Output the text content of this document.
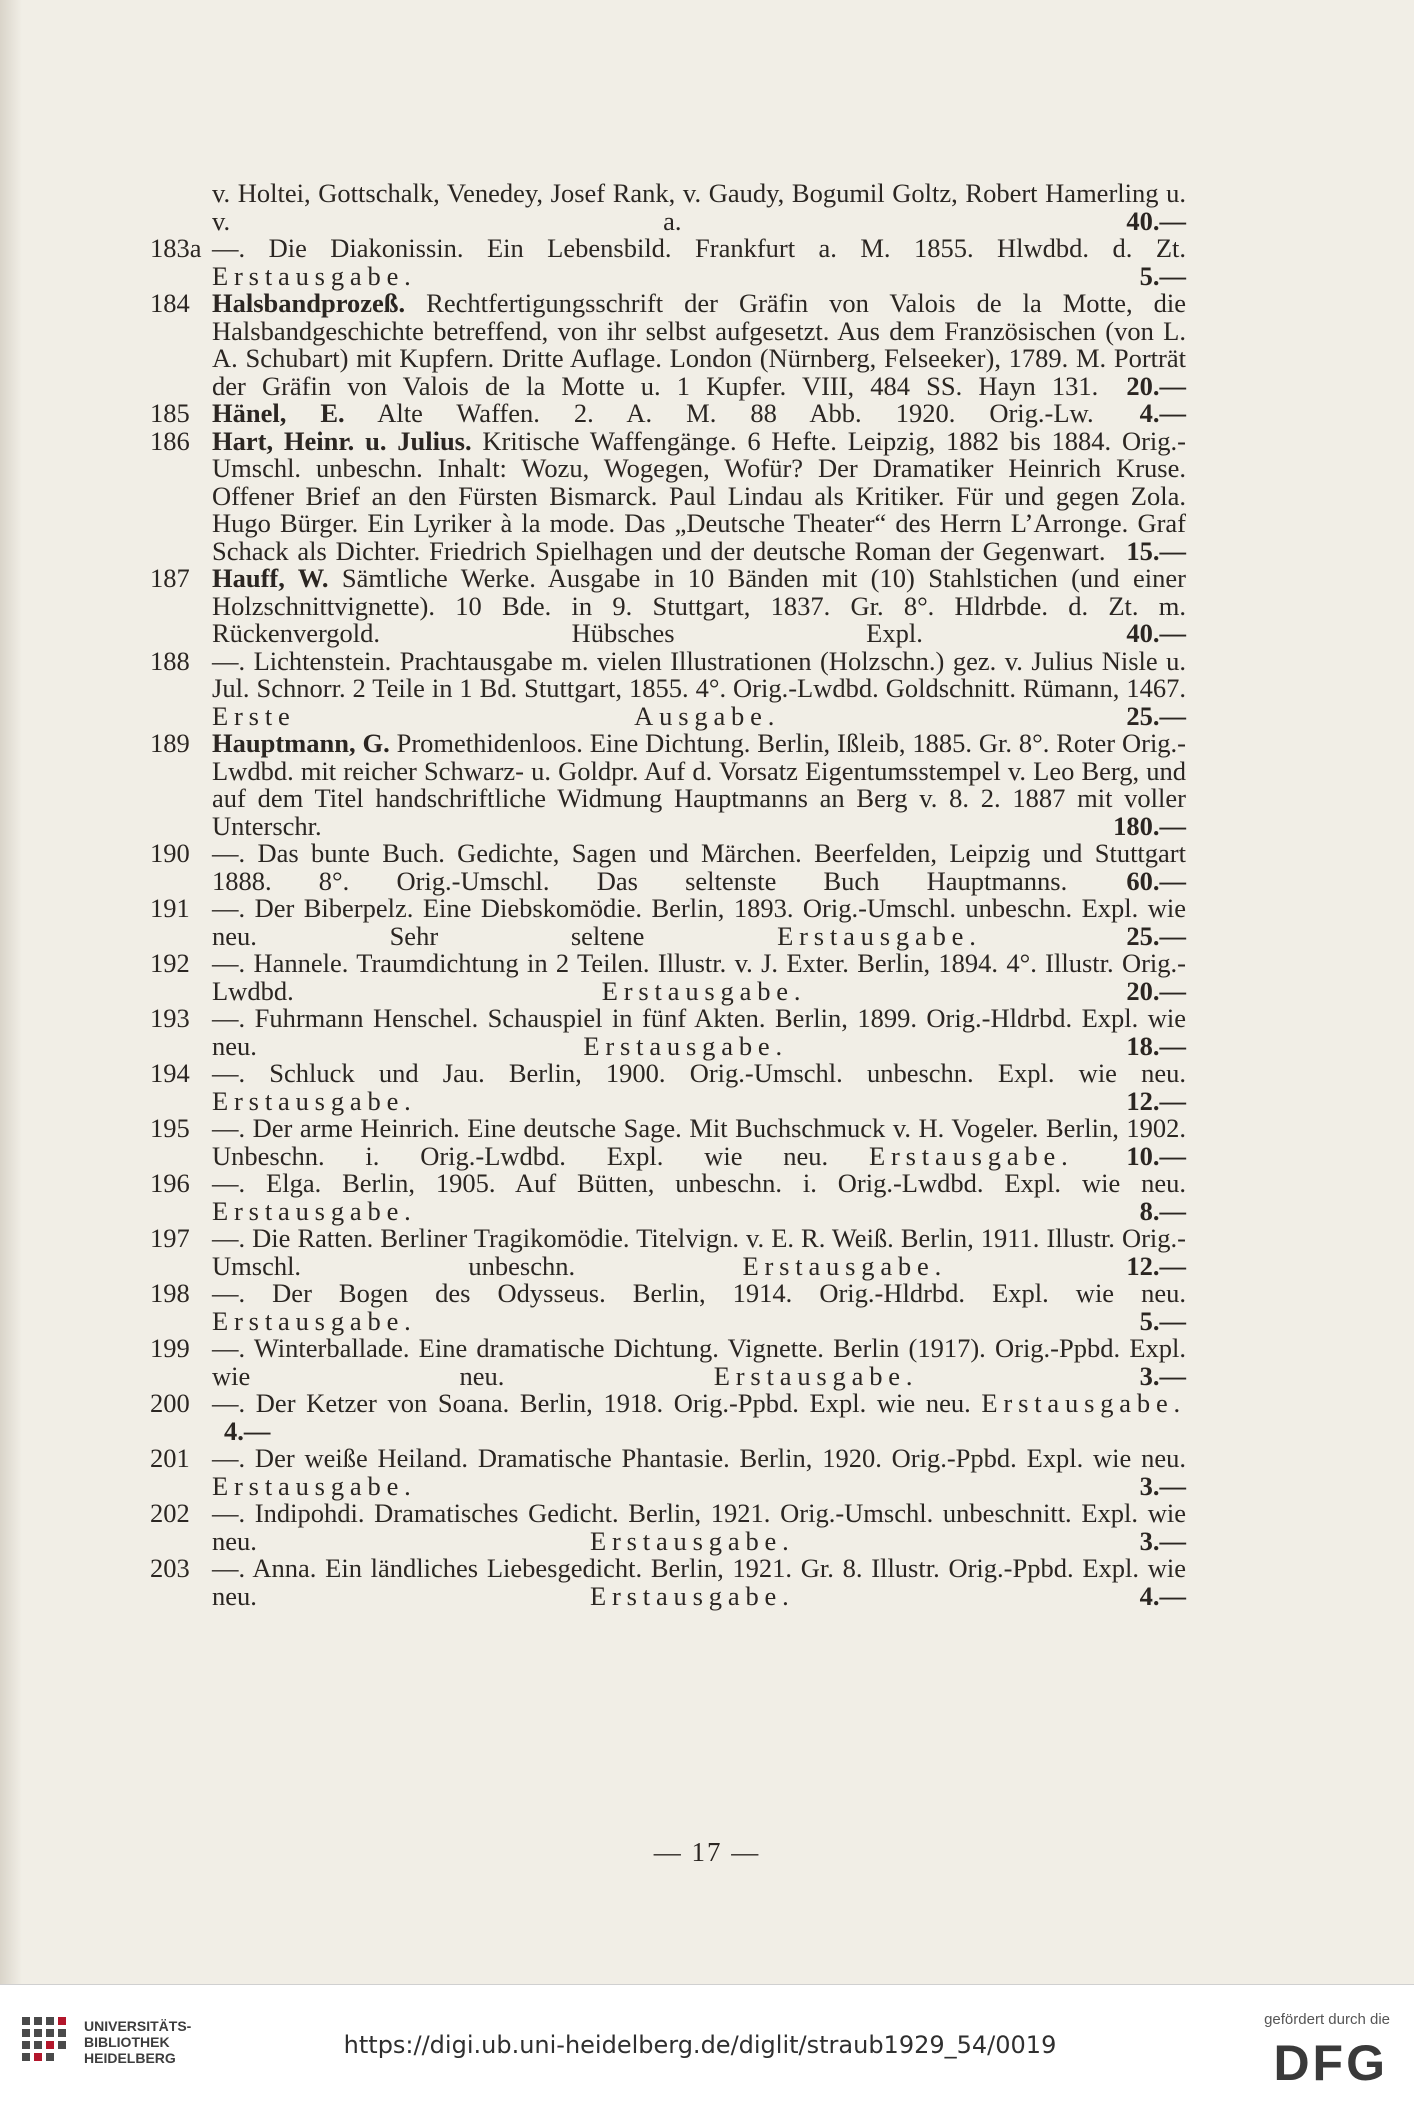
v. Holtei, Gottschalk, Venedey, Josef Rank, v. Gaudy, Bogumil Goltz, Robert Hamerling u. v. a.	40.—
183a —. Die Diakonissin. Ein Lebensbild. Frankfurt a. M. 1855. Hlwdbd. d. Zt. Erstausgabe.	5.—
184 Halsbandprozeß. Rechtfertigungsschrift der Gräfin von Valois de la Motte, die Halsbandgeschichte betreffend, von ihr selbst aufgesetzt. Aus dem Französischen (von L. A. Schubart) mit Kupfern. Dritte Auflage. London (Nürnberg, Felseeker), 1789. M. Porträt der Gräfin von Valois de la Motte u. 1 Kupfer. VIII, 484 SS. Hayn 131. 20.—
185 Hänel, E. Alte Waffen. 2. A. M. 88 Abb. 1920. Orig.-Lw. 4.—
186 Hart, Heinr. u. Julius. Kritische Waffengänge. 6 Hefte. Leipzig, 1882 bis 1884. Orig.-Umschl. unbeschn. Inhalt: Wozu, Wogegen, Wofür? Der Dramatiker Heinrich Kruse. Offener Brief an den Fürsten Bismarck. Paul Lindau als Kritiker. Für und gegen Zola. Hugo Bürger. Ein Lyriker à la mode. Das „Deutsche Theater“ des Herrn L’Arronge. Graf Schack als Dichter. Friedrich Spielhagen und der deutsche Roman der Gegenwart. 15.—
187 Hauff, W. Sämtliche Werke. Ausgabe in 10 Bänden mit (10) Stahlstichen (und einer Holzschnittvignette). 10 Bde. in 9. Stuttgart, 1837. Gr. 8°. Hldrbde. d. Zt. m. Rückenvergold. Hübsches Expl.	40.—
188 —. Lichtenstein. Prachtausgabe m. vielen Illustrationen (Holzschn.) gez. v. Julius Nisle u. Jul. Schnorr. 2 Teile in 1 Bd. Stuttgart, 1855. 4°. Orig.-Lwdbd. Goldschnitt. Rümann, 1467. Erste Ausgabe.	25.—
189 Hauptmann, G. Promethidenloos. Eine Dichtung. Berlin, Ißleib, 1885. Gr. 8°. Roter Orig.-Lwdbd. mit reicher Schwarz- u. Goldpr. Auf d. Vorsatz Eigentumsstempel v. Leo Berg, und auf dem Titel handschriftliche Widmung Hauptmanns an Berg v. 8. 2. 1887 mit voller Unterschr.	180.—
190 —. Das bunte Buch. Gedichte, Sagen und Märchen. Beerfelden, Leipzig und Stuttgart 1888. 8°. Orig.-Umschl. Das seltenste Buch Hauptmanns. 60.—
191 —. Der Biberpelz. Eine Diebskomödie. Berlin, 1893. Orig.-Umschl. unbeschn. Expl. wie neu. Sehr seltene	Erstausgabe.	25.—
192 —. Hannele. Traumdichtung in 2 Teilen. Illustr. v. J. Exter. Berlin, 1894. 4°. Illustr. Orig.-Lwdbd.	Erstausgabe.	20.—
193 —. Fuhrmann Henschel. Schauspiel in fünf Akten. Berlin, 1899. Orig.-Hldrbd. Expl. wie neu.	Erstausgabe.	18.—
194 —. Schluck und Jau. Berlin, 1900. Orig.-Umschl. unbeschn. Expl. wie neu. Erstausgabe.	12.—
195 —. Der arme Heinrich. Eine deutsche Sage. Mit Buchschmuck v. H. Vogeler. Berlin, 1902. Unbeschn. i. Orig.-Lwdbd. Expl. wie neu. Erstausgabe. 10.—
196 —. Elga. Berlin, 1905. Auf Bütten, unbeschn. i. Orig.-Lwdbd. Expl. wie neu. Erstausgabe.	8.—
197 —. Die Ratten. Berliner Tragikomödie. Titelvign. v. E. R. Weiß. Berlin, 1911. Illustr. Orig.-Umschl. unbeschn.	Erstausgabe.	12.—
198 —. Der Bogen des Odysseus. Berlin, 1914. Orig.-Hldrbd. Expl. wie neu. Erstausgabe.	5.—
199 —. Winterballade. Eine dramatische Dichtung. Vignette. Berlin (1917). Orig.-Ppbd. Expl. wie neu.	Erstausgabe.	3.—
200 —. Der Ketzer von Soana. Berlin, 1918. Orig.-Ppbd. Expl. wie neu. Erstausgabe. 4.—
201 —. Der weiße Heiland. Dramatische Phantasie. Berlin, 1920. Orig.-Ppbd. Expl. wie neu. Erstausgabe.	3.—
202 —. Indipohdi. Dramatisches Gedicht. Berlin, 1921. Orig.-Umschl. unbeschnitt. Expl. wie neu.	Erstausgabe.	3.—
203 —. Anna. Ein ländliches Liebesgedicht. Berlin, 1921. Gr. 8. Illustr. Orig.-Ppbd. Expl. wie neu.	Erstausgabe.	4.—
— 17 —
UNIVERSITÄTS-
BIBLIOTHEK
HEIDELBERG	https://digi.ub.uni-heidelberg.de/diglit/straub1929_54/0019
gefördert durch die
DFG
